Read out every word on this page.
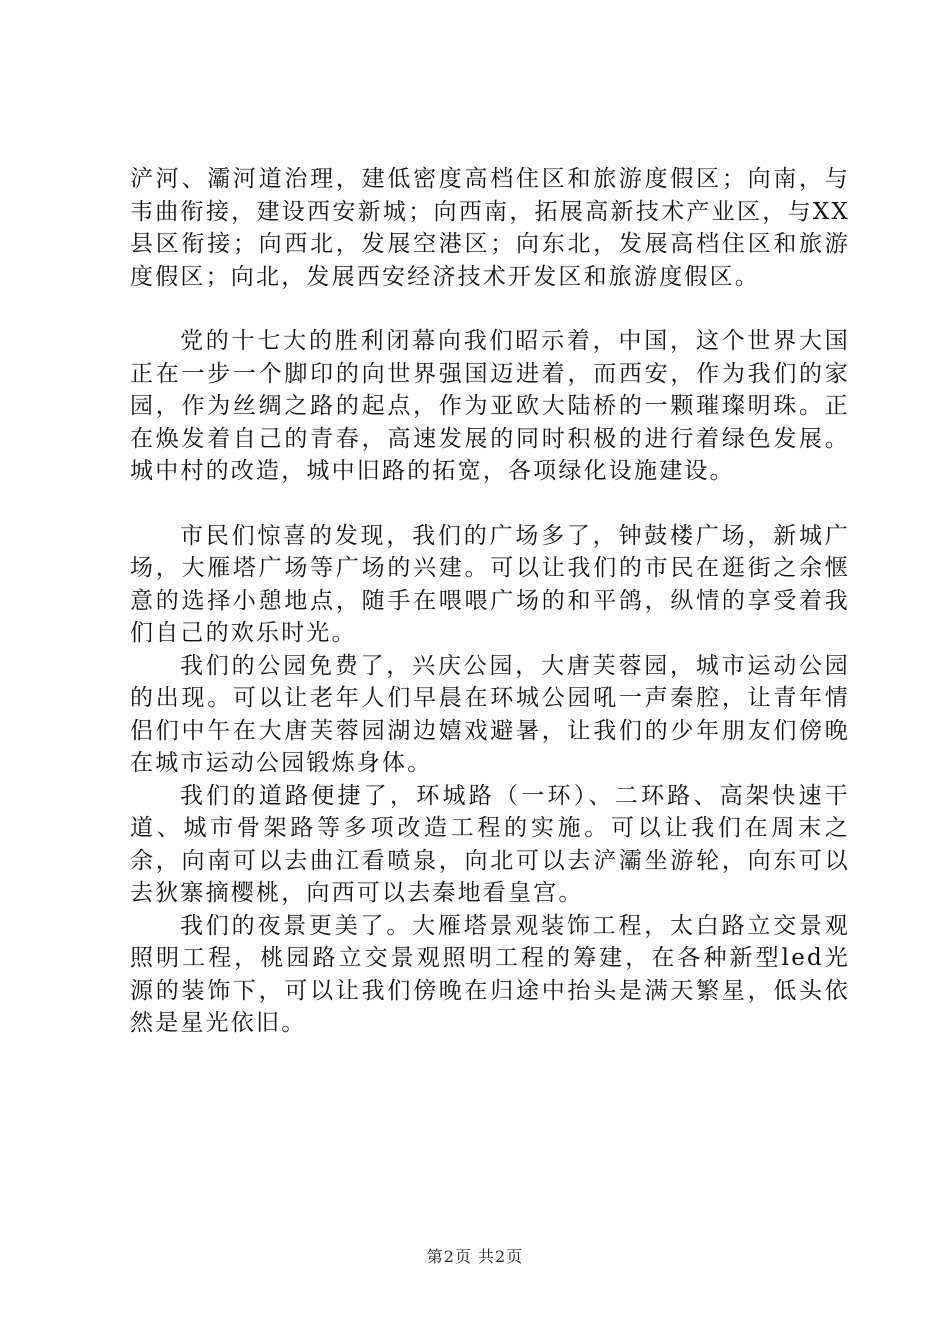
浐河、灞河道治理，建低密度高档住区和旅游度假区；向南，与韦曲衔接，建设西安新城；向西南，拓展高新技术产业区，与XX县区衔接；向西北，发展空港区；向东北，发展高档住区和旅游度假区；向北，发展西安经济技术开发区和旅游度假区。

党的十七大的胜利闭幕向我们昭示着，中国，这个世界大国正在一步一个脚印的向世界强国迈进着，而西安，作为我们的家园，作为丝绸之路的起点，作为亚欧大陆桥的一颗璀璨明珠。正在焕发着自己的青春，高速发展的同时积极的进行着绿色发展。城中村的改造，城中旧路的拓宽，各项绿化设施建设。

市民们惊喜的发现，我们的广场多了，钟鼓楼广场，新城广场，大雁塔广场等广场的兴建。可以让我们的市民在逛街之余惬意的选择小憩地点，随手在喂喂广场的和平鸽，纵情的享受着我们自己的欢乐时光。

我们的公园免费了，兴庆公园，大唐芙蓉园，城市运动公园的出现。可以让老年人们早晨在环城公园吼一声秦腔，让青年情侣们中午在大唐芙蓉园湖边嬉戏避暑，让我们的少年朋友们傍晚在城市运动公园锻炼身体。

我们的道路便捷了，环城路（一环）、二环路、高架快速干道、城市骨架路等多项改造工程的实施。可以让我们在周末之余，向南可以去曲江看喷泉，向北可以去浐灞坐游轮，向东可以去狄寨摘樱桃，向西可以去秦地看皇宫。

我们的夜景更美了。大雁塔景观装饰工程，太白路立交景观照明工程，桃园路立交景观照明工程的筹建，在各种新型led光源的装饰下，可以让我们傍晚在归途中抬头是满天繁星，低头依然是星光依旧。

第2页 共2页
